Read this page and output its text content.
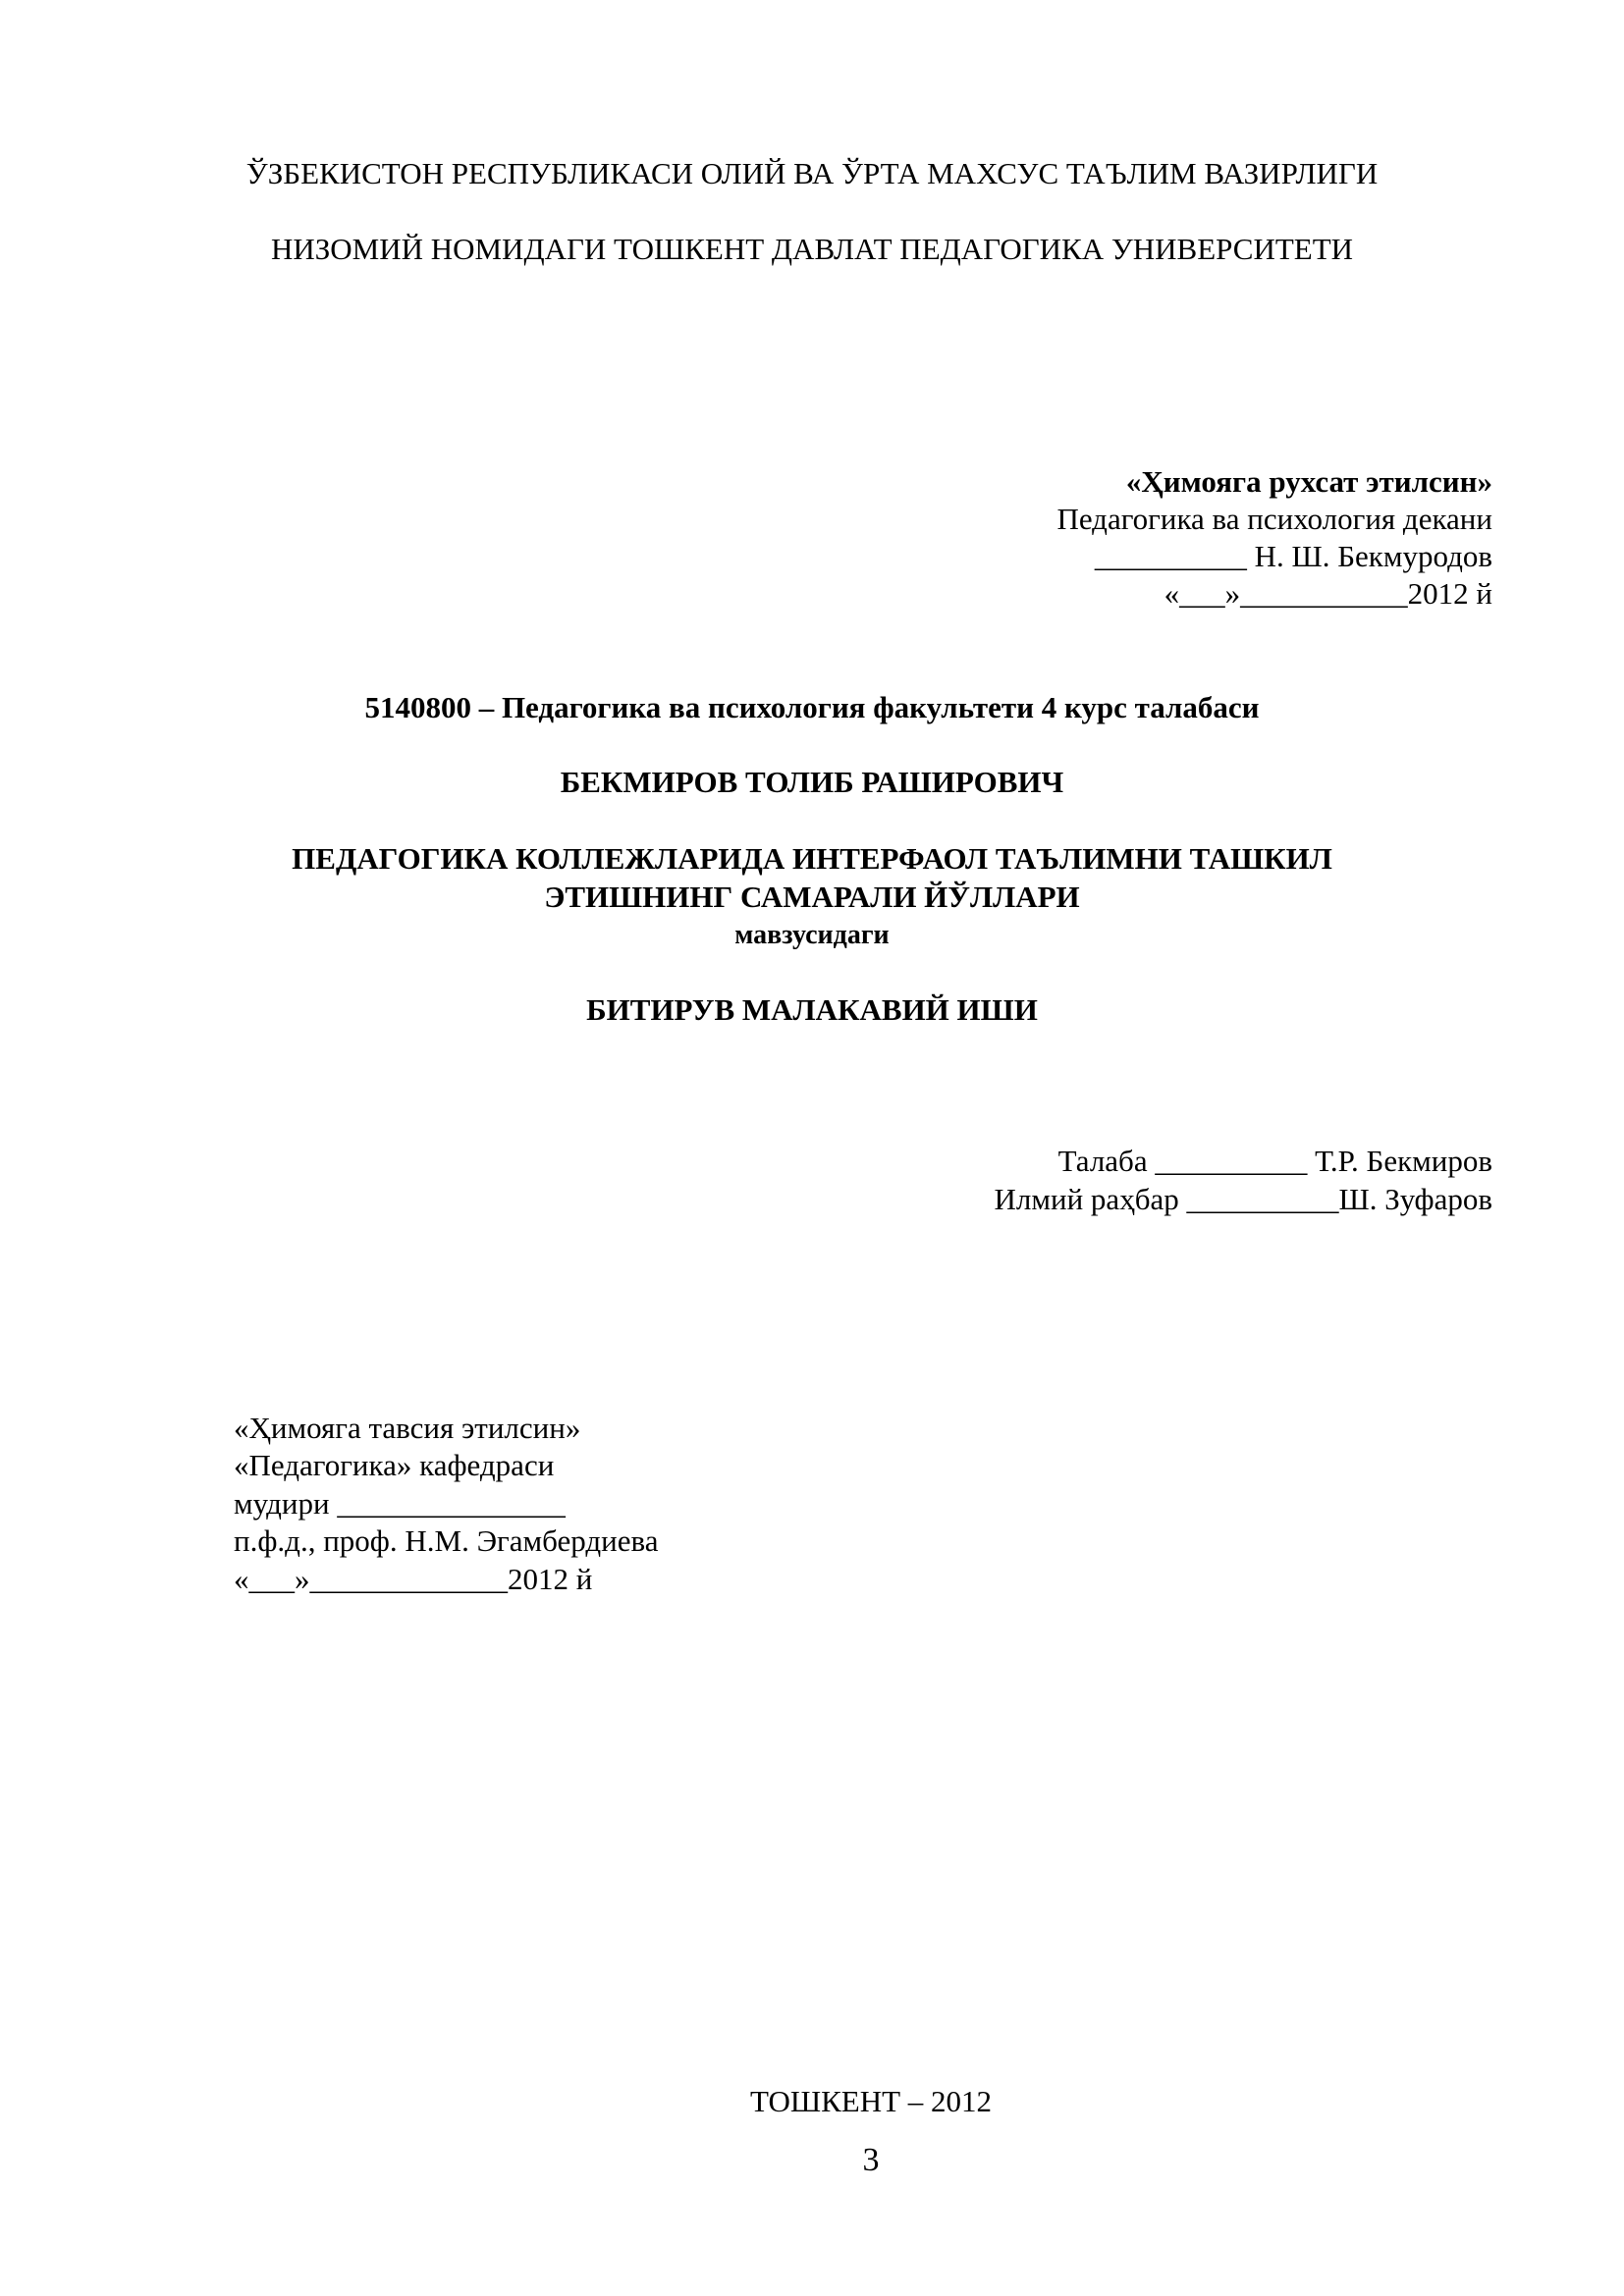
ЎЗБЕКИСТОН РЕСПУБЛИКАСИ ОЛИЙ ВА ЎРТА МАХСУС ТАЪЛИМ ВАЗИРЛИГИ
НИЗОМИЙ НОМИДАГИ ТОШКЕНТ ДАВЛАТ ПЕДАГОГИКА УНИВЕРСИТЕТИ
«Ҳимояга рухсат этилсин»
Педагогика ва психология декани
__________ Н. Ш. Бекмуродов
«___»___________2012 й
5140800 – Педагогика ва психология факультети 4 курс талабаси
БЕКМИРОВ ТОЛИБ РАШИРОВИЧ
ПЕДАГОГИКА КОЛЛЕЖЛАРИДА ИНТЕРФАОЛ ТАЪЛИМНИ ТАШКИЛ
ЭТИШНИНГ САМАРАЛИ ЙЎЛЛАРИ
мавзусидаги
БИТИРУВ МАЛАКАВИЙ ИШИ
Талаба __________ Т.Р. Бекмиров
Илмий раҳбар __________Ш. Зуфаров
«Ҳимояга тавсия этилсин»
«Педагогика» кафедраси
мудири _______________
п.ф.д., проф. Н.М. Эгамбердиева
«___»_____________2012 й
ТОШКЕНТ – 2012
3
